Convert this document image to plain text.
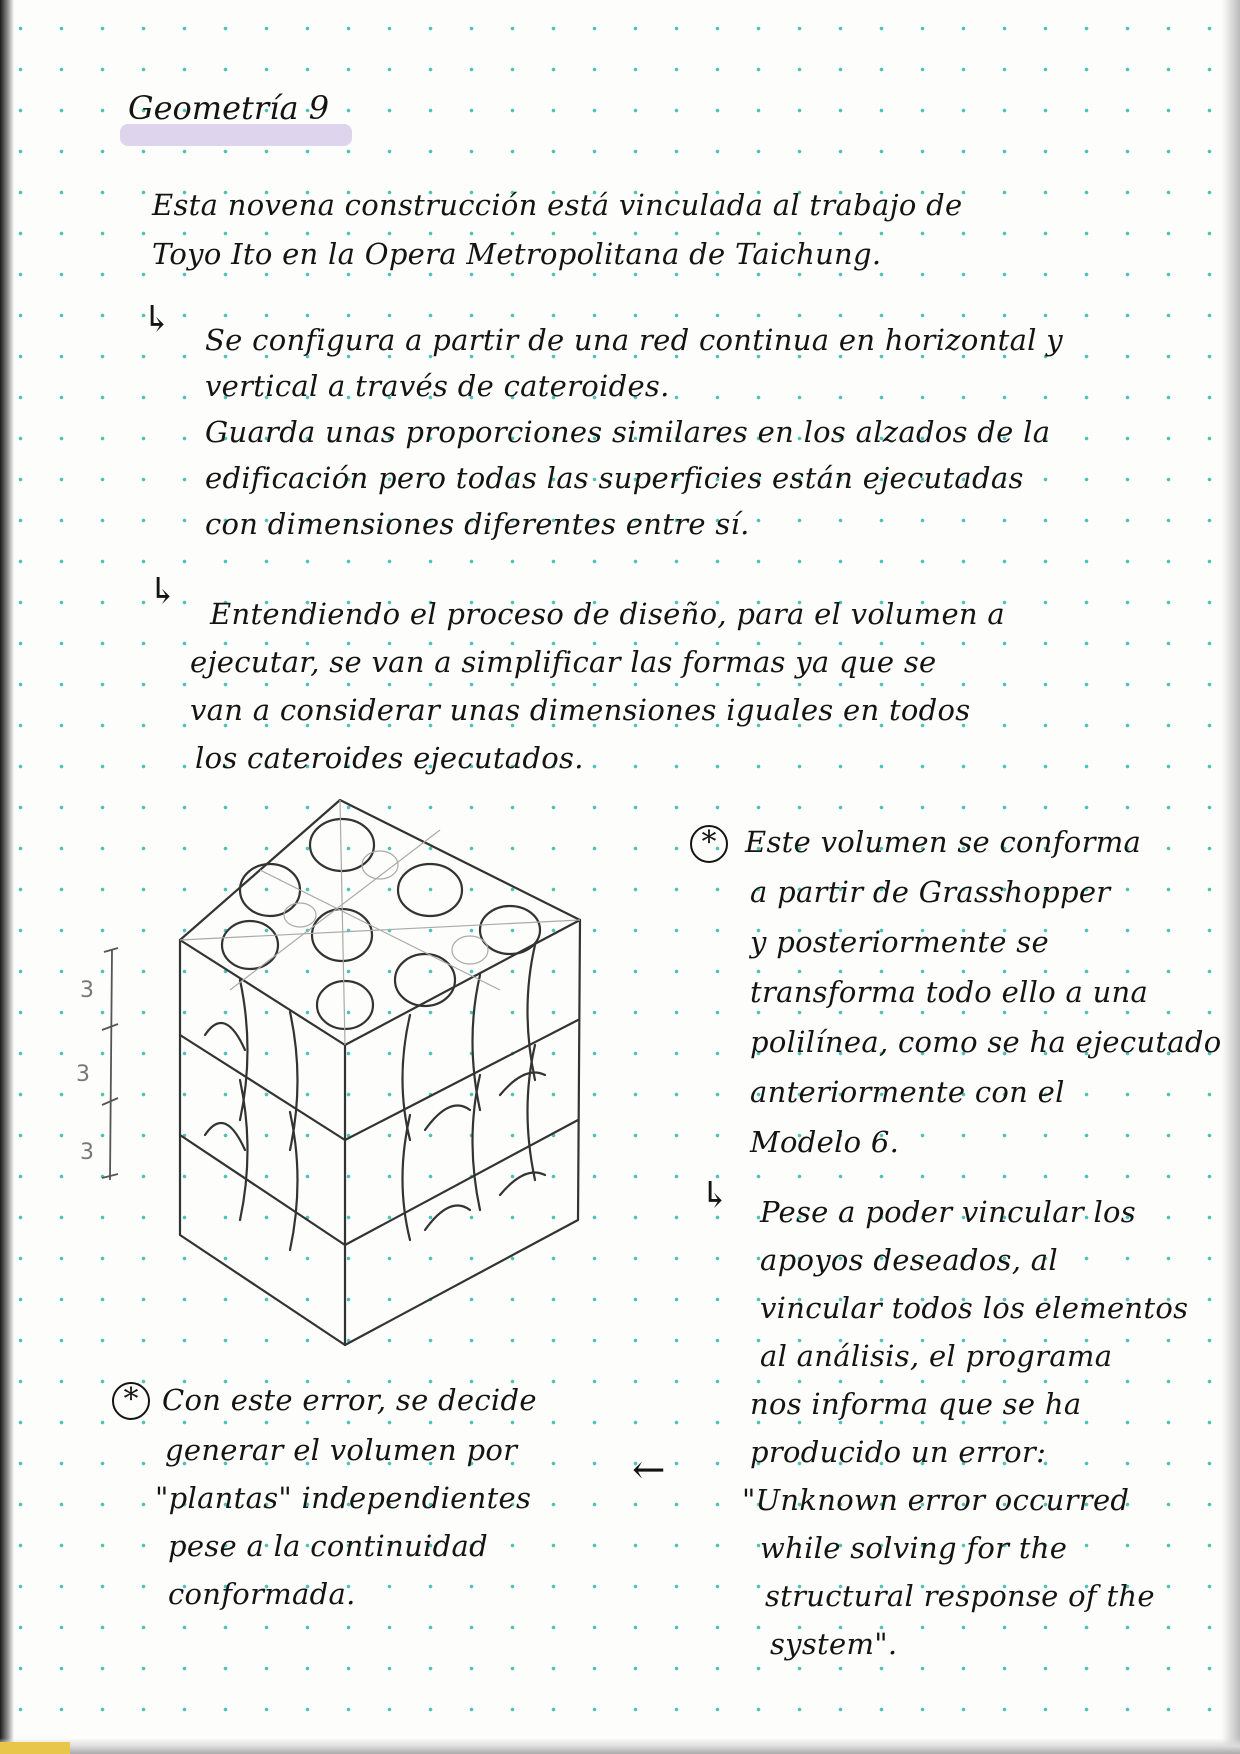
Geometría 9
Esta novena construcción está vinculada al trabajo de
Toyo Ito en la Opera Metropolitana de Taichung.
↳ Se configura a partir de una red continua en horizontal y
vertical a través de cateroides.
Guarda unas proporciones similares en los alzados de la
edificación pero todas las superficies están ejecutadas
con dimensiones diferentes entre sí.
↳
Entendiendo el proceso de diseño, para el volumen a
ejecutar, se van a simplificar las formas ya que se
van a considerar unas dimensiones iguales en todos
los cateroides ejecutados.
3
3
3
* Este volumen se conforma
a partir de Grasshopper
y posteriormente se
transforma todo ello a una
polilínea, como se ha ejecutado
anteriormente con el
Modelo 6.
↳ Pese a poder vincular los
apoyos deseados, al
vincular todos los elementos
al análisis, el programa
nos informa que se ha
producido un error:
"Unknown error occurred
while solving for the
structural response of the
system".
←
* Con este error, se decide
generar el volumen por
"plantas" independientes
pese a la continuidad
conformada.
